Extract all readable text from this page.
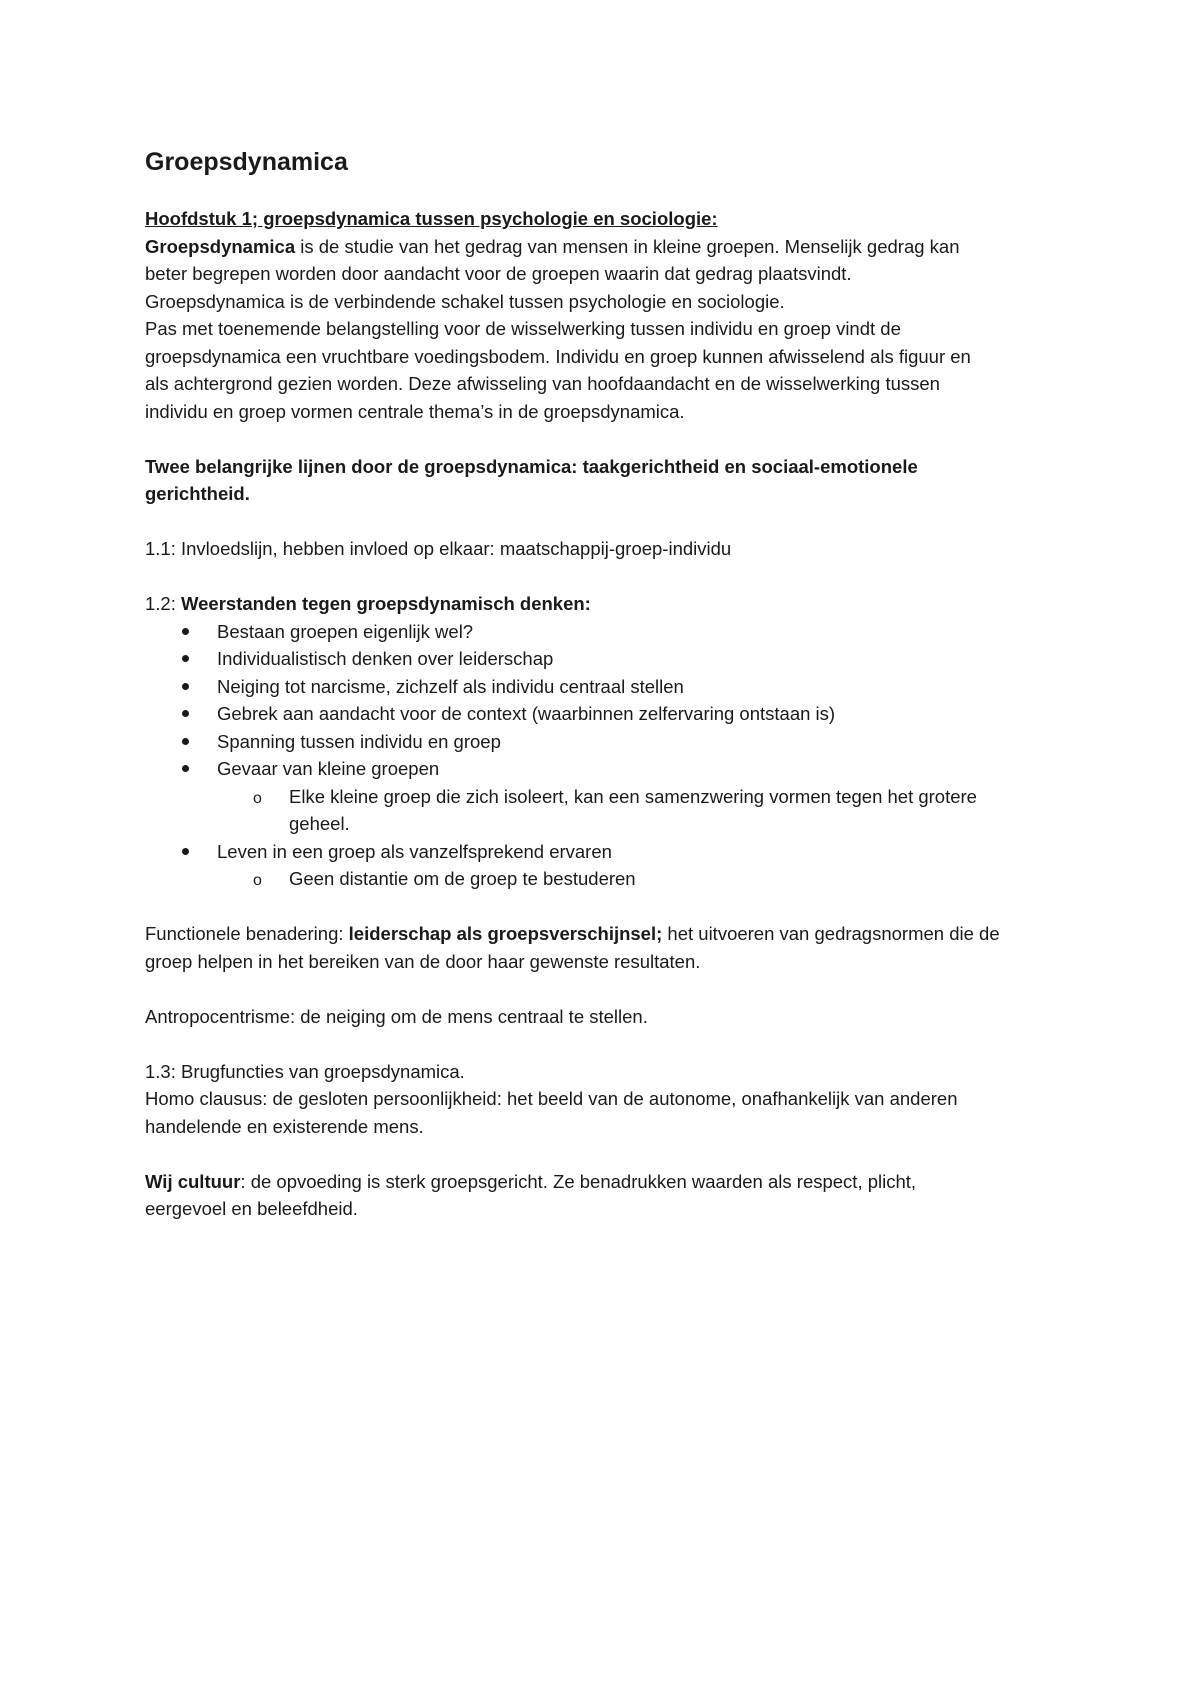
Groepsdynamica

Hoofdstuk 1; groepsdynamica tussen psychologie en sociologie:

Groepsdynamica is de studie van het gedrag van mensen in kleine groepen. Menselijk gedrag kan

beter begrepen worden door aandacht voor de groepen waarin dat gedrag plaatsvindt.

Groepsdynamica is de verbindende schakel tussen psychologie en sociologie.

Pas met toenemende belangstelling voor de wisselwerking tussen individu en groep vindt de

groepsdynamica een vruchtbare voedingsbodem. Individu en groep kunnen afwisselend als figuur en

als achtergrond gezien worden. Deze afwisseling van hoofdaandacht en de wisselwerking tussen

individu en groep vormen centrale thema’s in de groepsdynamica.

Twee belangrijke lijnen door de groepsdynamica: taakgerichtheid en sociaal-emotionele

gerichtheid.

1.1: Invloedslijn, hebben invloed op elkaar: maatschappij-groep-individu

1.2: Weerstanden tegen groepsdynamisch denken:

Bestaan groepen eigenlijk wel?
Individualistisch denken over leiderschap
Neiging tot narcisme, zichzelf als individu centraal stellen
Gebrek aan aandacht voor de context (waarbinnen zelfervaring ontstaan is)
Spanning tussen individu en groep
Gevaar van kleine groepen
o Elke kleine groep die zich isoleert, kan een samenzwering vormen tegen het grotere
geheel.
Leven in een groep als vanzelfsprekend ervaren
o Geen distantie om de groep te bestuderen

Functionele benadering: leiderschap als groepsverschijnsel; het uitvoeren van gedragsnormen die de

groep helpen in het bereiken van de door haar gewenste resultaten.

Antropocentrisme: de neiging om de mens centraal te stellen.

1.3: Brugfuncties van groepsdynamica.

Homo clausus: de gesloten persoonlijkheid: het beeld van de autonome, onafhankelijk van anderen

handelende en existerende mens.

Wij cultuur: de opvoeding is sterk groepsgericht. Ze benadrukken waarden als respect, plicht,

eergevoel en beleefdheid.
